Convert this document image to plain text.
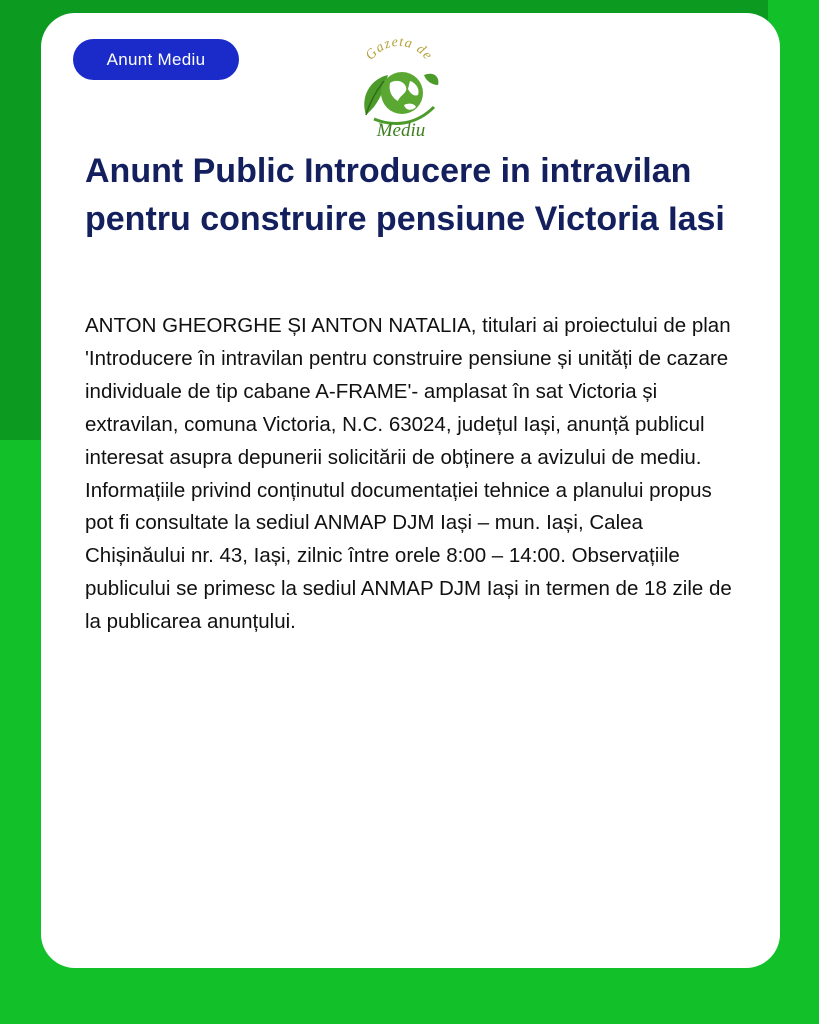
Anunt Mediu	Gazeta de
Mediu
Anunt Public Introducere in intravilan pentru construire pensiune Victoria Iasi

ANTON GHEORGHE ȘI ANTON NATALIA, titulari ai proiectului de plan 'Introducere în intravilan pentru construire pensiune și unități de cazare individuale de tip cabane A-FRAME'- amplasat în sat Victoria și extravilan, comuna Victoria, N.C. 63024, județul Iași, anunță publicul interesat asupra depunerii solicitării de obținere a avizului de mediu. Informațiile privind conținutul documentației tehnice a planului propus pot fi consultate la sediul ANMAP DJM Iași – mun. Iași, Calea Chișinăului nr. 43, Iași, zilnic între orele 8:00 – 14:00. Observațiile publicului se primesc la sediul ANMAP DJM Iași in termen de 18 zile de la publicarea anunțului.
